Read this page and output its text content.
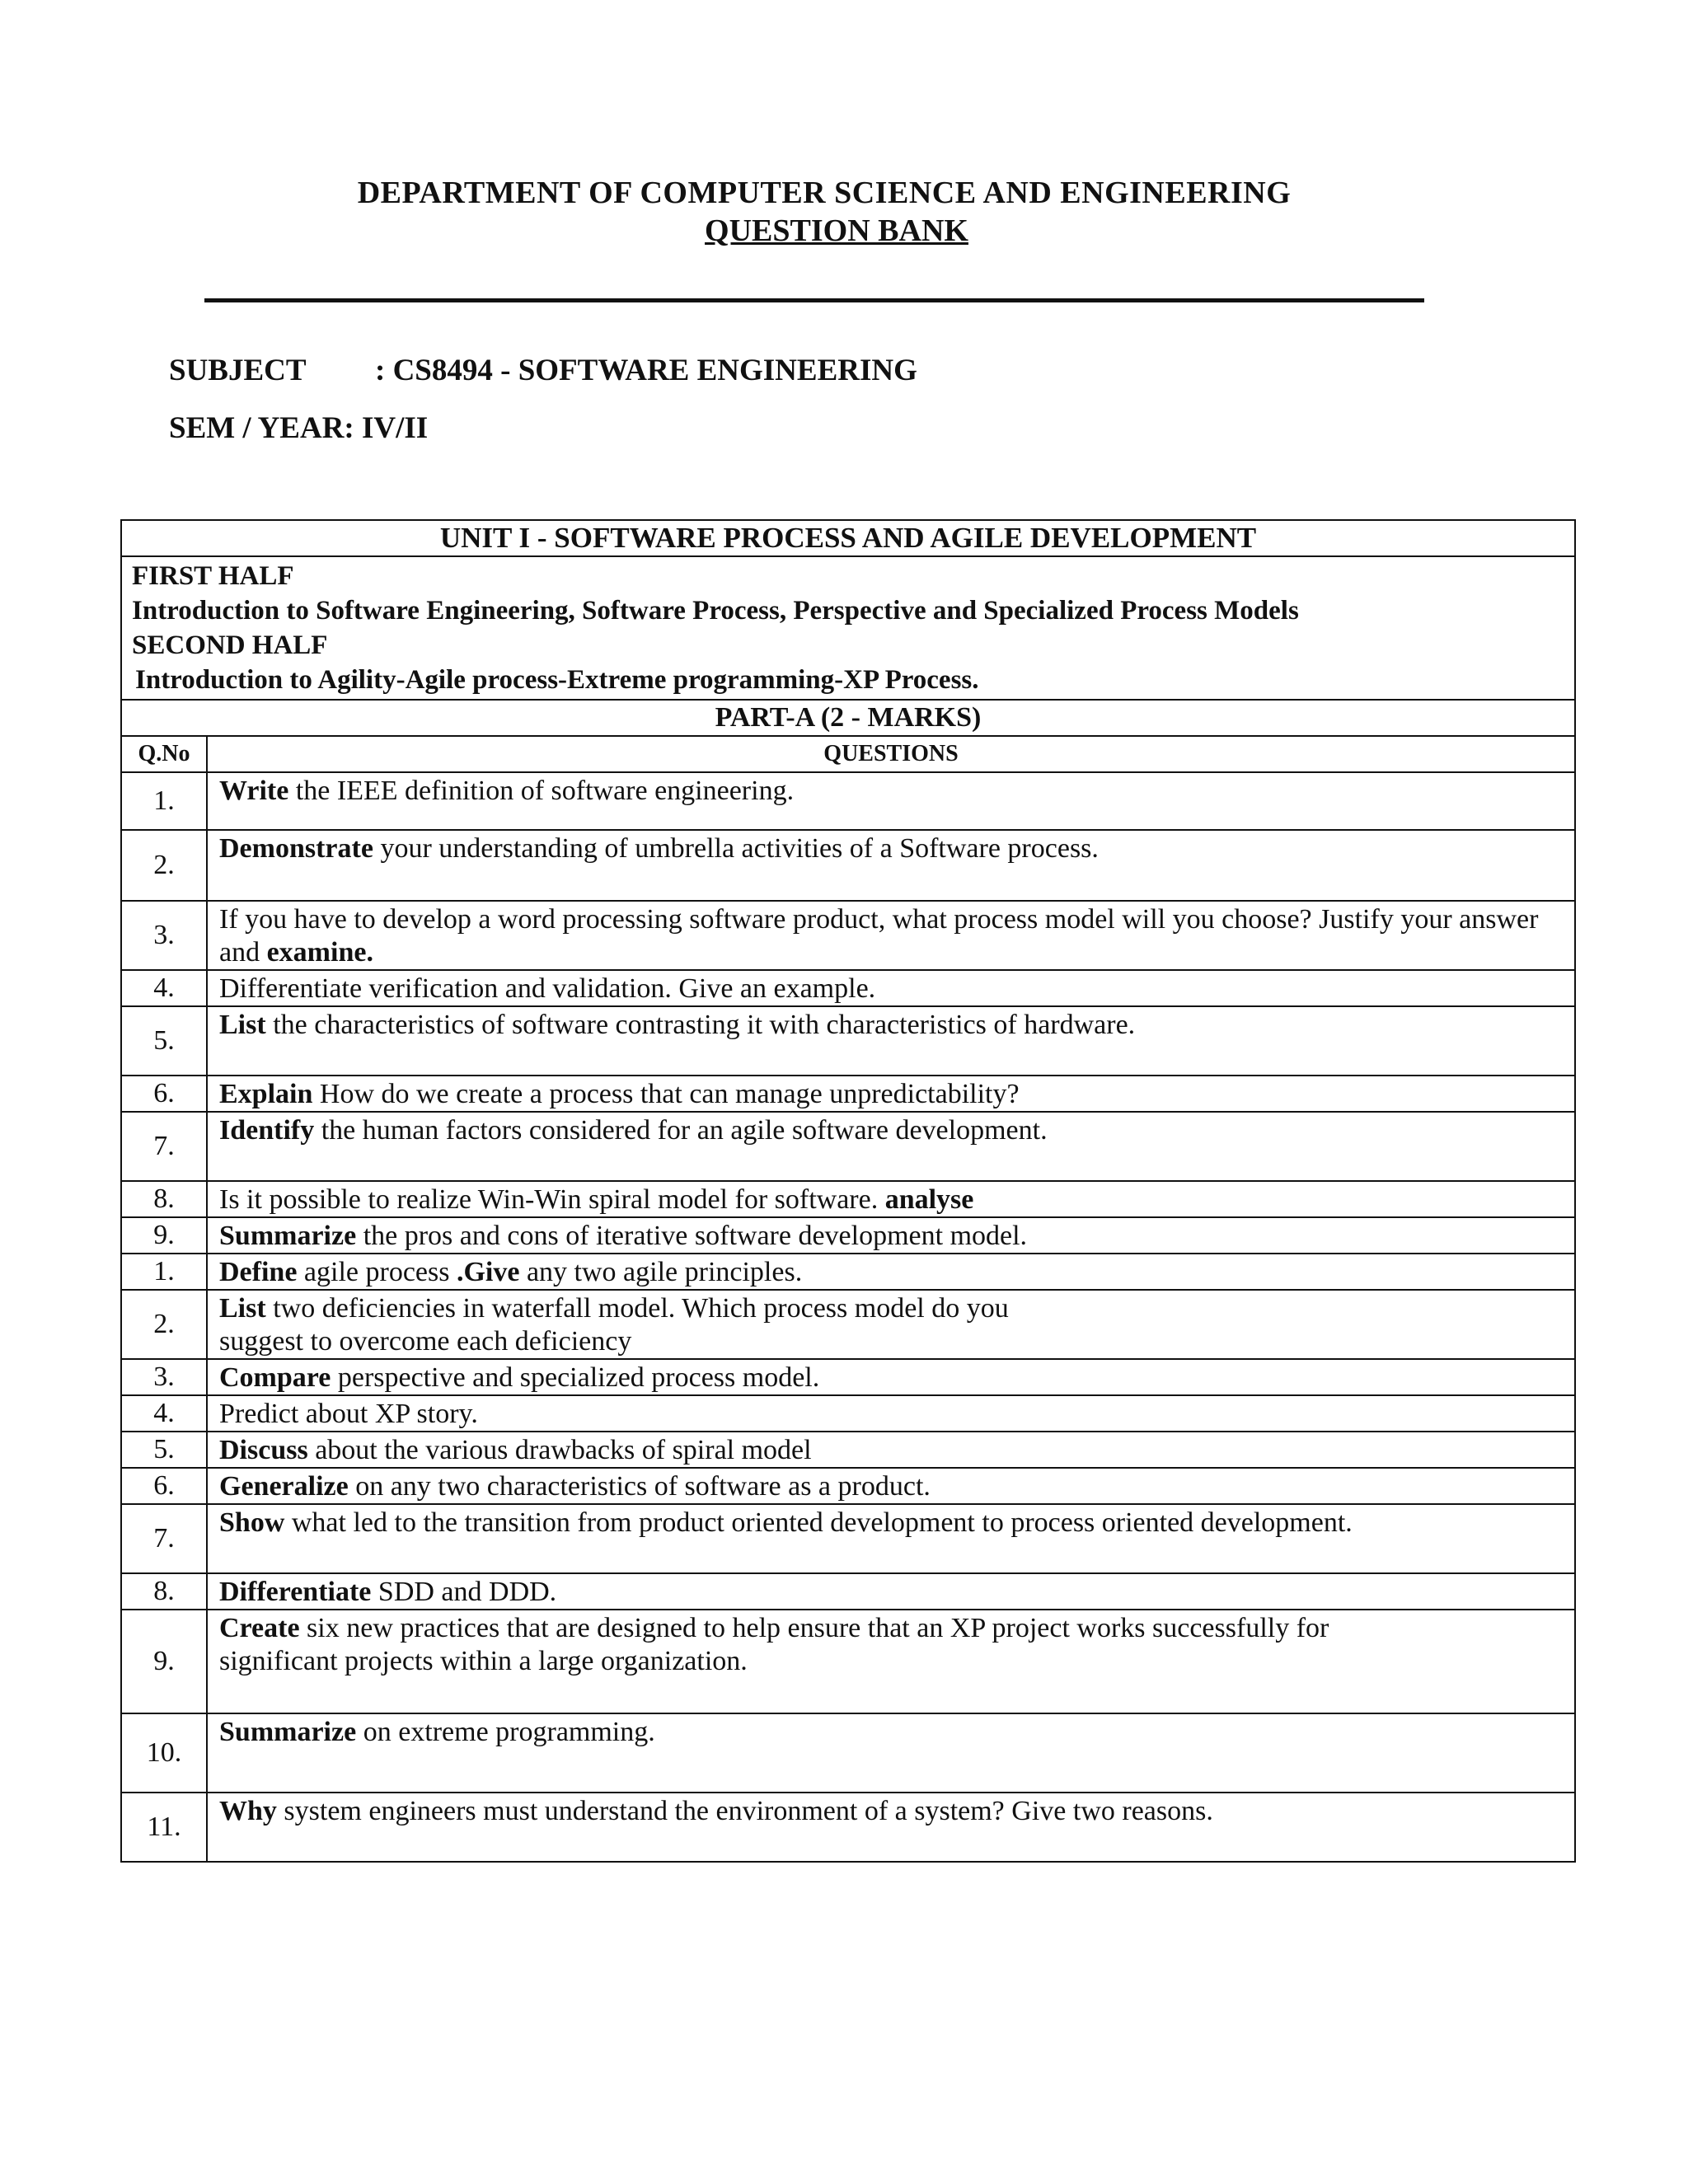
DEPARTMENT OF COMPUTER SCIENCE AND ENGINEERING
QUESTION BANK
SUBJECT : CS8494 - SOFTWARE ENGINEERING
SEM / YEAR: IV/II
UNIT I - SOFTWARE PROCESS AND AGILE DEVELOPMENT	

FIRST HALF
Introduction to Software Engineering, Software Process, Perspective and Specialized Process Models
SECOND HALF
Introduction to Agility-Agile process-Extreme programming-XP Process.	

PART-A (2 - MARKS)	
Q.No	QUESTIONS
1.	Write the IEEE definition of software engineering.
2.	Demonstrate your understanding of umbrella activities of a Software process.
3.	If you have to develop a word processing software product, what process model will you choose? Justify your answer and examine.
4.	Differentiate verification and validation. Give an example.
5.	List the characteristics of software contrasting it with characteristics of hardware.
6.	Explain How do we create a process that can manage unpredictability?
7.	Identify the human factors considered for an agile software development.
8.	Is it possible to realize Win-Win spiral model for software. analyse
9.	Summarize the pros and cons of iterative software development model.
1.	Define agile process .Give any two agile principles.
2.	List two deficiencies in waterfall model. Which process model do you
suggest to overcome each deficiency
3.	Compare perspective and specialized process model.
4.	Predict about XP story.
5.	Discuss about the various drawbacks of spiral model
6.	Generalize on any two characteristics of software as a product.
7.	Show what led to the transition from product oriented development to process oriented development.
8.	Differentiate SDD and DDD.
9.	Create six new practices that are designed to help ensure that an XP project works successfully for
significant projects within a large organization.
10.	Summarize on extreme programming.
11.	Why system engineers must understand the environment of a system? Give two reasons.
